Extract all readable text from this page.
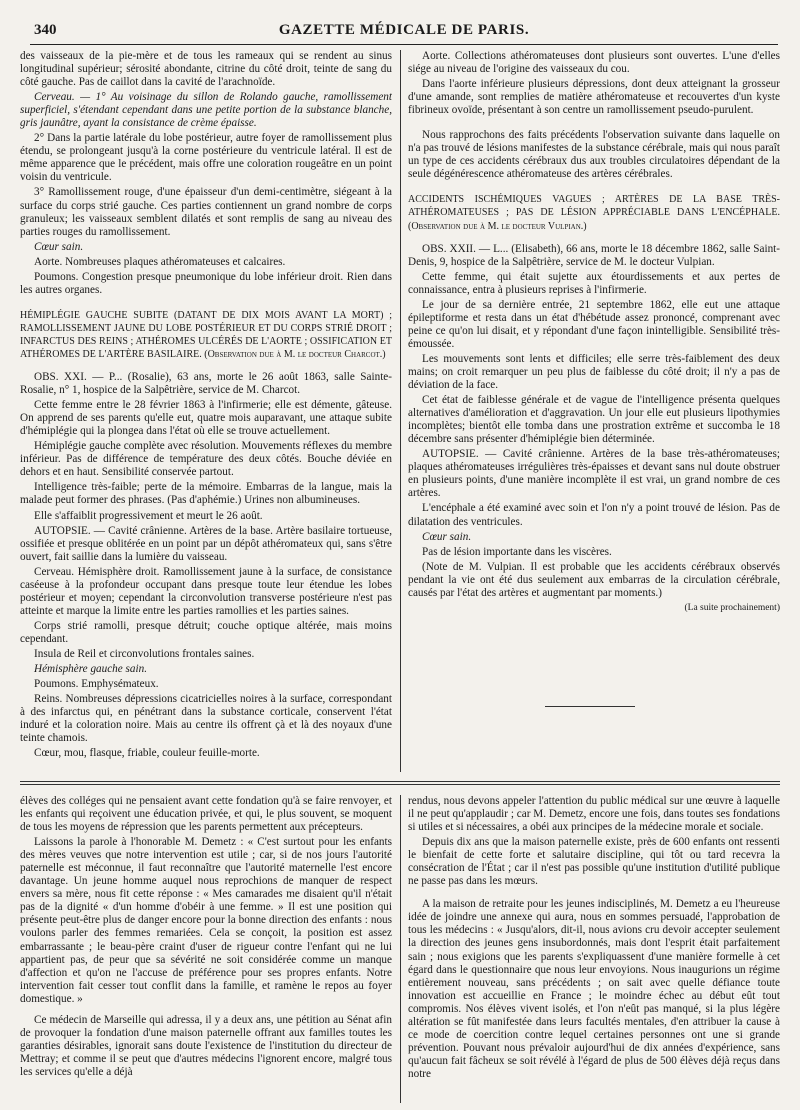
340	GAZETTE MÉDICALE DE PARIS.

des vaisseaux de la pie-mère et de tous les rameaux qui se rendent au sinus longitudinal supérieur; sérosité abondante, citrine du côté droit, teinte de sang du côté gauche. Pas de caillot dans la cavité de l'arachnoïde.

Cerveau. — 1° Au voisinage du sillon de Rolando gauche, ramollissement superficiel, s'étendant cependant dans une petite portion de la substance blanche, gris jaunâtre, ayant la consistance de crème épaisse.

2° Dans la partie latérale du lobe postérieur, autre foyer de ramollissement plus étendu, se prolongeant jusqu'à la corne postérieure du ventricule latéral. Il est de même apparence que le précédent, mais offre une coloration rougeâtre en un point voisin du ventricule.

3° Ramollissement rouge, d'une épaisseur d'un demi-centimètre, siégeant à la surface du corps strié gauche. Ces parties contiennent un grand nombre de corps granuleux; les vaisseaux semblent dilatés et sont remplis de sang au niveau des parties rouges du ramollissement.

Cœur sain.

Aorte. Nombreuses plaques athéromateuses et calcaires.

Poumons. Congestion presque pneumonique du lobe inférieur droit. Rien dans les autres organes.

HÉMIPLÉGIE GAUCHE SUBITE (DATANT DE DIX MOIS AVANT LA MORT) ; RAMOLLISSEMENT JAUNE DU LOBE POSTÉRIEUR ET DU CORPS STRIÉ DROIT ; INFARCTUS DES REINS ; ATHÉROMES ULCÉRÉS DE L'AORTE ; OSSIFICATION ET ATHÉROMES DE L'ARTÈRE BASILAIRE. (Observation due à M. le docteur Charcot.)

OBS. XXI. — P... (Rosalie), 63 ans, morte le 26 août 1863, salle Sainte-Rosalie, n° 1, hospice de la Salpêtrière, service de M. Charcot.

Cette femme entre le 28 février 1863 à l'infirmerie; elle est démente, gâteuse. On apprend de ses parents qu'elle eut, quatre mois auparavant, une attaque subite d'hémiplégie qui la plongea dans l'état où elle se trouve actuellement.

Hémiplégie gauche complète avec résolution. Mouvements réflexes du membre inférieur. Pas de différence de température des deux côtés. Bouche déviée en dehors et en haut. Sensibilité conservée partout.

Intelligence très-faible; perte de la mémoire. Embarras de la langue, mais la malade peut former des phrases. (Pas d'aphémie.) Urines non albumineuses.

Elle s'affaiblit progressivement et meurt le 26 août.

AUTOPSIE. — Cavité crânienne. Artères de la base. Artère basilaire tortueuse, ossifiée et presque oblitérée en un point par un dépôt athéromateux qui, sans s'être ouvert, fait saillie dans la lumière du vaisseau.

Cerveau. Hémisphère droit. Ramollissement jaune à la surface, de consistance caséeuse à la profondeur occupant dans presque toute leur étendue les lobes postérieur et moyen; cependant la circonvolution transverse postérieure n'est pas atteinte et marque la limite entre les parties ramollies et les parties saines.

Corps strié ramolli, presque détruit; couche optique altérée, mais moins cependant.

Insula de Reil et circonvolutions frontales saines.

Hémisphère gauche sain.

Poumons. Emphysémateux.

Reins. Nombreuses dépressions cicatricielles noires à la surface, correspondant à des infarctus qui, en pénétrant dans la substance corticale, conservent l'état induré et la coloration noire. Mais au centre ils offrent çà et là des noyaux d'une teinte chamois.

Cœur, mou, flasque, friable, couleur feuille-morte.

Aorte. Collections athéromateuses dont plusieurs sont ouvertes. L'une d'elles siége au niveau de l'origine des vaisseaux du cou.

Dans l'aorte inférieure plusieurs dépressions, dont deux atteignant la grosseur d'une amande, sont remplies de matière athéromateuse et recouvertes d'un kyste fibrineux ovoïde, présentant à son centre un ramollissement pseudo-purulent.

Nous rapprochons des faits précédents l'observation suivante dans laquelle on n'a pas trouvé de lésions manifestes de la substance cérébrale, mais qui nous paraît un type de ces accidents cérébraux dus aux troubles circulatoires dépendant de la seule dégénérescence athéromateuse des artères cérébrales.

ACCIDENTS ISCHÉMIQUES VAGUES ; ARTÈRES DE LA BASE TRÈS-ATHÉROMATEUSES ; PAS DE LÉSION APPRÉCIABLE DANS L'ENCÉPHALE. (Observation due à M. le docteur Vulpian.)

OBS. XXII. — L... (Elisabeth), 66 ans, morte le 18 décembre 1862, salle Saint-Denis, 9, hospice de la Salpêtrière, service de M. le docteur Vulpian.

Cette femme, qui était sujette aux étourdissements et aux pertes de connaissance, entra à plusieurs reprises à l'infirmerie.

Le jour de sa dernière entrée, 21 septembre 1862, elle eut une attaque épileptiforme et resta dans un état d'hébétude assez prononcé, comprenant avec peine ce qu'on lui disait, et y répondant d'une façon inintelligible. Sensibilité très-émoussée.

Les mouvements sont lents et difficiles; elle serre très-faiblement des deux mains; on croit remarquer un peu plus de faiblesse du côté droit; il n'y a pas de déviation de la face.

Cet état de faiblesse générale et de vague de l'intelligence présenta quelques alternatives d'amélioration et d'aggravation. Un jour elle eut plusieurs lipothymies incomplètes; bientôt elle tomba dans une prostration extrême et succomba le 18 décembre sans présenter d'hémiplégie bien déterminée.

AUTOPSIE. — Cavité crânienne. Artères de la base très-athéromateuses; plaques athéromateuses irrégulières très-épaisses et devant sans nul doute obstruer en plusieurs points, d'une manière incomplète il est vrai, un grand nombre de ces artères.

L'encéphale a été examiné avec soin et l'on n'y a point trouvé de lésion. Pas de dilatation des ventricules.

Cœur sain.

Pas de lésion importante dans les viscères.

(Note de M. Vulpian. Il est probable que les accidents cérébraux observés pendant la vie ont été dus seulement aux embarras de la circulation cérébrale, causés par l'état des artères et augmentant par moments.)

(La suite prochainement)

élèves des colléges qui ne pensaient avant cette fondation qu'à se faire renvoyer, et les enfants qui reçoivent une éducation privée, et qui, le plus souvent, se moquent de tous les moyens de répression que les parents permettent aux précepteurs.

Laissons la parole à l'honorable M. Demetz : « C'est surtout pour les enfants des mères veuves que notre intervention est utile ; car, si de nos jours l'autorité paternelle est méconnue, il faut reconnaître que l'autorité maternelle l'est encore davantage. Un jeune homme auquel nous reprochions de manquer de respect envers sa mère, nous fit cette réponse : « Mes camarades me disaient qu'il n'était pas de la dignité « d'un homme d'obéir à une femme. » Il est une position qui présente peut-être plus de danger encore pour la bonne direction des enfants : nous voulons parler des femmes remariées. Cela se conçoit, la position est assez embarrassante ; le beau-père craint d'user de rigueur contre l'enfant qui ne lui appartient pas, de peur que sa sévérité ne soit considérée comme un manque d'affection et qu'on ne l'accuse de préférence pour ses propres enfants. Notre intervention fait cesser tout conflit dans la famille, et ramène le repos au foyer domestique. »

Ce médecin de Marseille qui adressa, il y a deux ans, une pétition au Sénat afin de provoquer la fondation d'une maison paternelle offrant aux familles toutes les garanties désirables, ignorait sans doute l'existence de l'institution du directeur de Mettray; et comme il se peut que d'autres médecins l'ignorent encore, malgré tous les services qu'elle a déjà

rendus, nous devons appeler l'attention du public médical sur une œuvre à laquelle il ne peut qu'applaudir ; car M. Demetz, encore une fois, dans toutes ses fondations si utiles et si nécessaires, a obéi aux principes de la médecine morale et sociale.

Depuis dix ans que la maison paternelle existe, près de 600 enfants ont ressenti le bienfait de cette forte et salutaire discipline, qui tôt ou tard recevra la consécration de l'État ; car il n'est pas possible qu'une institution d'utilité publique ne passe pas dans les mœurs.

A la maison de retraite pour les jeunes indisciplinés, M. Demetz a eu l'heureuse idée de joindre une annexe qui aura, nous en sommes persuadé, l'approbation de tous les médecins : « Jusqu'alors, dit-il, nous avions cru devoir accepter seulement la direction des jeunes gens insubordonnés, mais dont l'esprit était parfaitement sain ; nous exigions que les parents s'expliquassent d'une manière formelle à cet égard dans le questionnaire que nous leur envoyions. Nous inaugurions un régime entièrement nouveau, sans précédents ; on sait avec quelle défiance toute innovation est accueillie en France ; le moindre échec au début eût tout compromis. Nos élèves vivent isolés, et l'on n'eût pas manqué, si la plus légère altération se fût manifestée dans leurs facultés mentales, d'en attribuer la cause à ce mode de coercition contre lequel certaines personnes ont une si grande prévention. Pouvant nous prévaloir aujourd'hui de dix années d'expérience, sans qu'aucun fait fâcheux se soit révélé à l'égard de plus de 500 élèves déjà reçus dans notre
